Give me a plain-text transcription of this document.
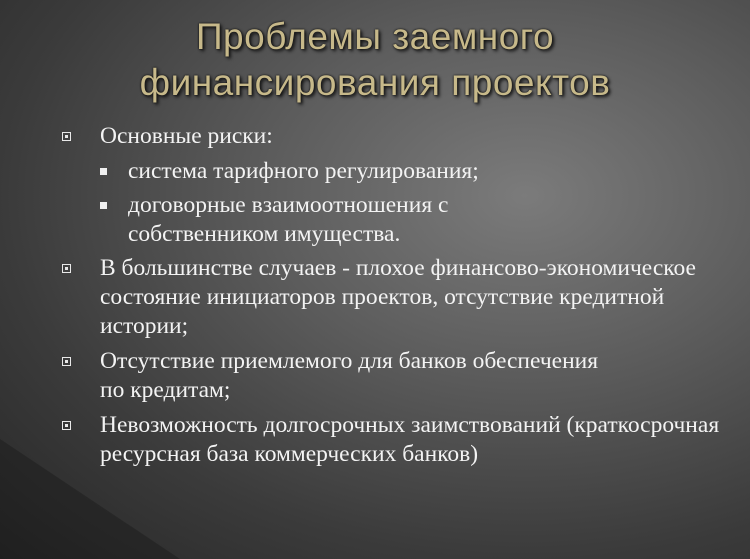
Проблемы заемного
финансирования проектов
Основные риски:
система тарифного регулирования;
договорные взаимоотношения с собственником имущества.
В большинстве случаев - плохое финансово-экономическое состояние инициаторов проектов, отсутствие кредитной истории;
Отсутствие приемлемого для банков обеспечения по кредитам;
Невозможность долгосрочных заимствований (краткосрочная ресурсная база коммерческих банков)
